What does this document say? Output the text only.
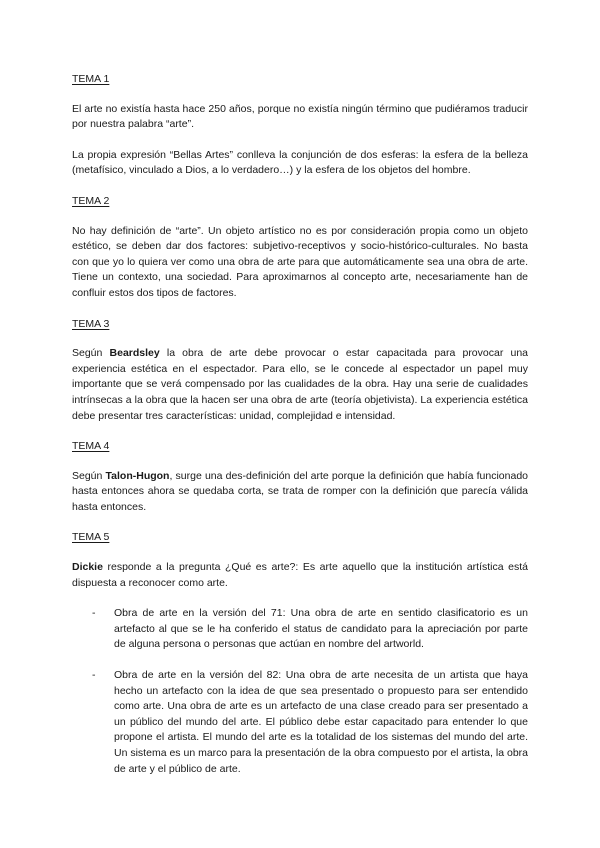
TEMA 1

El arte no existía hasta hace 250 años, porque no existía ningún término que pudiéramos traducir por nuestra palabra “arte”.

La propia expresión “Bellas Artes” conlleva la conjunción de dos esferas: la esfera de la belleza (metafísico, vinculado a Dios, a lo verdadero…) y la esfera de los objetos del hombre.

TEMA 2

No hay definición de “arte”. Un objeto artístico no es por consideración propia como un objeto estético, se deben dar dos factores: subjetivo-receptivos y socio-histórico-culturales. No basta con que yo lo quiera ver como una obra de arte para que automáticamente sea una obra de arte. Tiene un contexto, una sociedad. Para aproximarnos al concepto arte, necesariamente han de confluir estos dos tipos de factores.

TEMA 3

Según Beardsley la obra de arte debe provocar o estar capacitada para provocar una experiencia estética en el espectador. Para ello, se le concede al espectador un papel muy importante que se verá compensado por las cualidades de la obra. Hay una serie de cualidades intrínsecas a la obra que la hacen ser una obra de arte (teoría objetivista). La experiencia estética debe presentar tres características: unidad, complejidad e intensidad.

TEMA 4

Según Talon-Hugon, surge una des-definición del arte porque la definición que había funcionado hasta entonces ahora se quedaba corta, se trata de romper con la definición que parecía válida hasta entonces.

TEMA 5

Dickie responde a la pregunta ¿Qué es arte?: Es arte aquello que la institución artística está dispuesta a reconocer como arte.

- Obra de arte en la versión del 71: Una obra de arte en sentido clasificatorio es un artefacto al que se le ha conferido el status de candidato para la apreciación por parte de alguna persona o personas que actúan en nombre del artworld.
- Obra de arte en la versión del 82: Una obra de arte necesita de un artista que haya hecho un artefacto con la idea de que sea presentado o propuesto para ser entendido como arte. Una obra de arte es un artefacto de una clase creado para ser presentado a un público del mundo del arte. El público debe estar capacitado para entender lo que propone el artista. El mundo del arte es la totalidad de los sistemas del mundo del arte. Un sistema es un marco para la presentación de la obra compuesto por el artista, la obra de arte y el público de arte.
